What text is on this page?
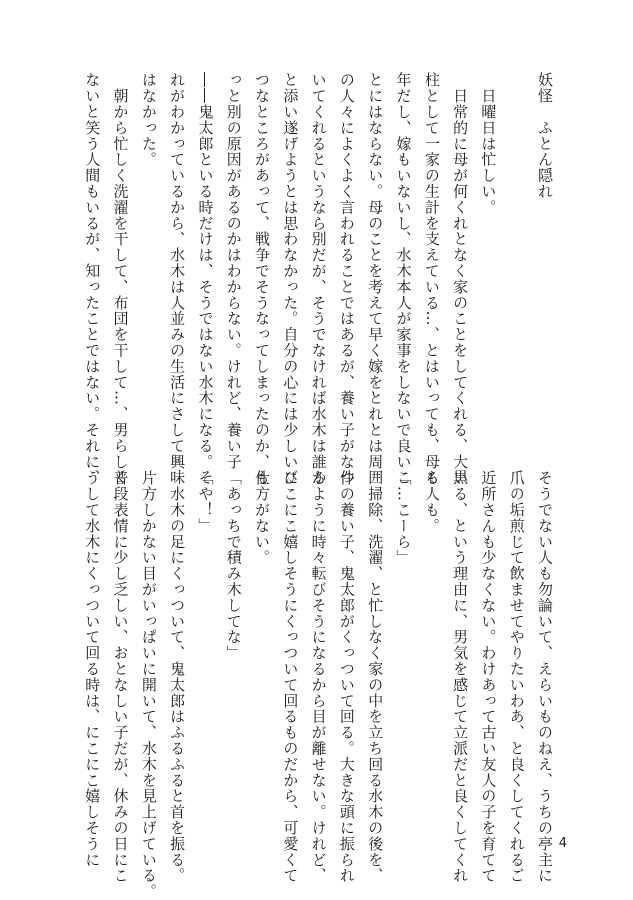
妖怪　ふとん隠れ

　日曜日は忙しい。
　日常的に母が何くれとなく家のことをしてくれる、大黒
柱として一家の生計を支えている…、とはいっても、母も
年だし、嫁もいないし、水木本人が家事をしないで良いこ
とにはならない。母のことを考えて早く嫁をとれとは周囲
の人々によくよく言われることではあるが、養い子がなつ
いてくれるというなら別だが、そうでなければ水木は誰か
と添い遂げようとは思わなかった。自分の心には少しいび
つなところがあって、戦争でそうなってしまったのか、も
っと別の原因があるのかはわからない。けれど、養い子
――鬼太郎といる時だけは、そうではない水木になる。そ
れがわかっているから、水木は人並みの生活にさして興味
はなかった。
　朝から忙しく洗濯を干して、布団を干して…、男らしく
ないと笑う人間もいるが、知ったことではない。それに、
そうでない人も勿論いて、えらいものねえ、うちの亭主に
爪の垢煎じて飲ませてやりたいわあ、と良くしてくれるご
近所さんも少なくない。わけあって古い友人の子を育てて
いる、という理由に、男気を感じて立派だと良くしてくれ
る人も。
「…こーら」
　掃除、洗濯、と忙しなく家の中を立ち回る水木の後を、
件の養い子、鬼太郎がくっついて回る。大きな頭に振られ
るように時々転びそうになるから目が離せない。けれど、
にこにこ嬉しそうにくっついて回るものだから、可愛くて
仕方がない。
「あっちで積み木してな」
「や！」
　水木の足にくっついて、鬼太郎はふるふると首を振る。
片方しかない目がいっぱいに開いて、水木を見上げている。
普段表情に少し乏しい、おとなしい子だが、休みの日にこ
うして水木にくっついて回る時は、にこにこ嬉しそうに	4
